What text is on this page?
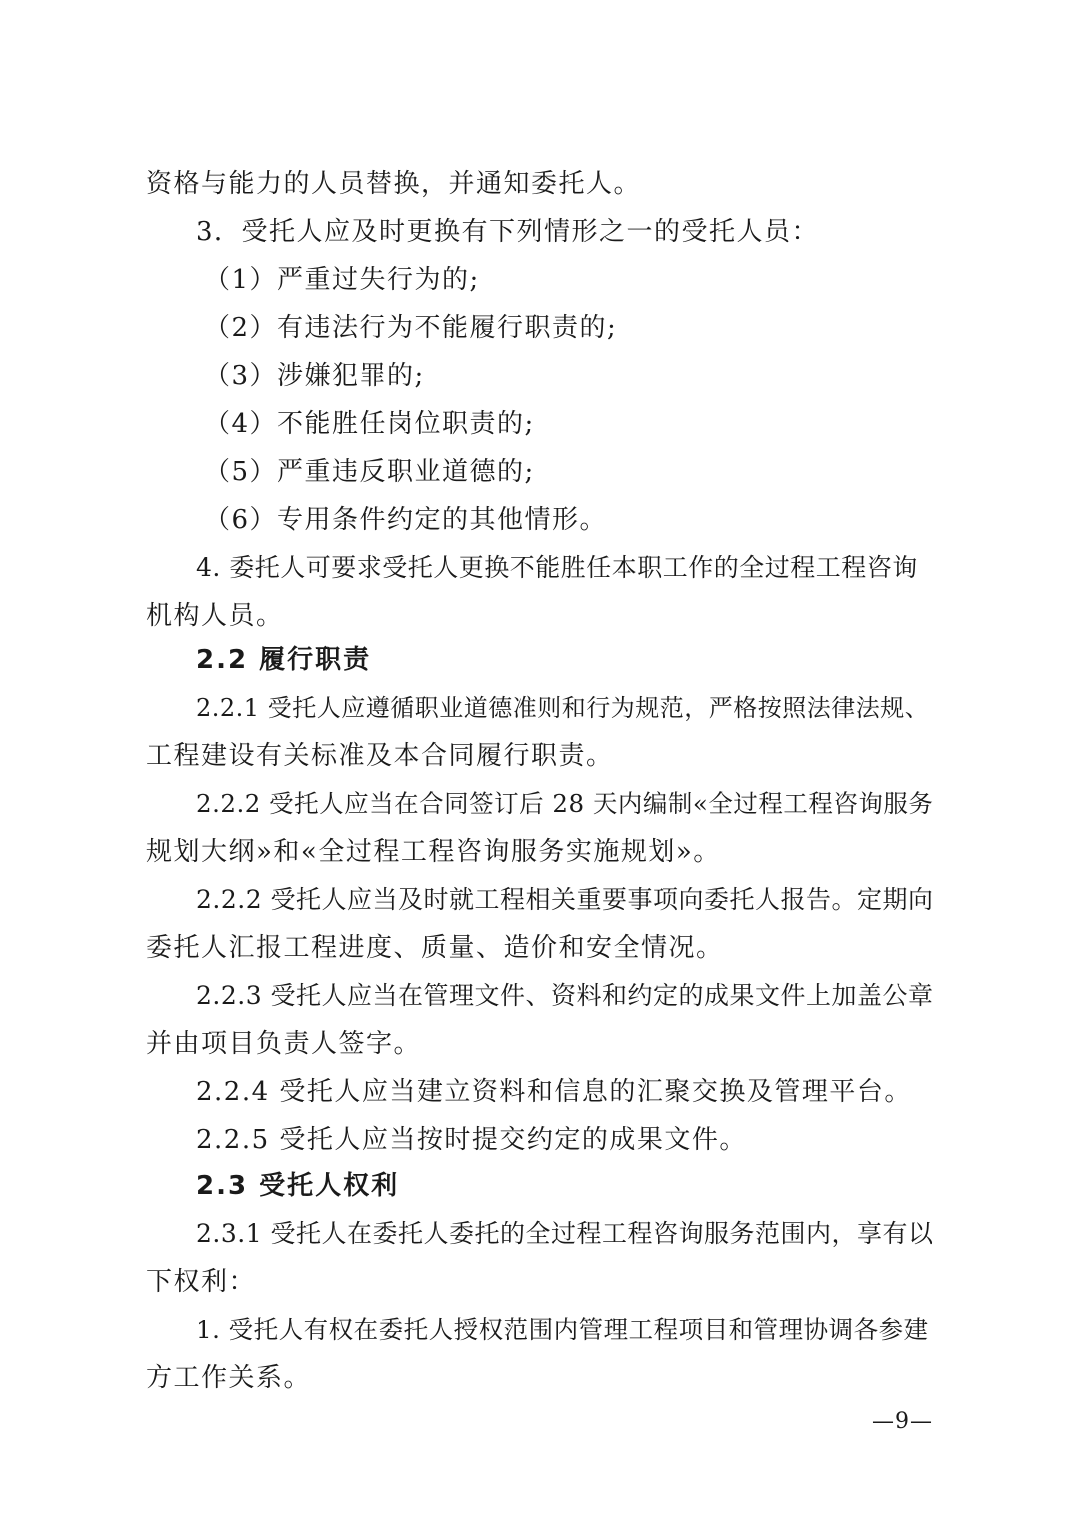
资格与能力的人员替换，并通知委托人。
3．受托人应及时更换有下列情形之一的受托人员：
（1）严重过失行为的;
（2）有违法行为不能履行职责的;
（3）涉嫌犯罪的;
（4）不能胜任岗位职责的;
（5）严重违反职业道德的;
（6）专用条件约定的其他情形。
4. 委托人可要求受托人更换不能胜任本职工作的全过程工程咨询
机构人员。
2.2 履行职责
2.2.1 受托人应遵循职业道德准则和行为规范，严格按照法律法规、
工程建设有关标准及本合同履行职责。
2.2.2 受托人应当在合同签订后 28 天内编制«全过程工程咨询服务
规划大纲»和«全过程工程咨询服务实施规划»。
2.2.2 受托人应当及时就工程相关重要事项向委托人报告。定期向
委托人汇报工程进度、质量、造价和安全情况。
2.2.3 受托人应当在管理文件、资料和约定的成果文件上加盖公章
并由项目负责人签字。
2.2.4 受托人应当建立资料和信息的汇聚交换及管理平台。
2.2.5 受托人应当按时提交约定的成果文件。
2.3 受托人权利
2.3.1 受托人在委托人委托的全过程工程咨询服务范围内，享有以
下权利：
1. 受托人有权在委托人授权范围内管理工程项目和管理协调各参建
方工作关系。
—9—
